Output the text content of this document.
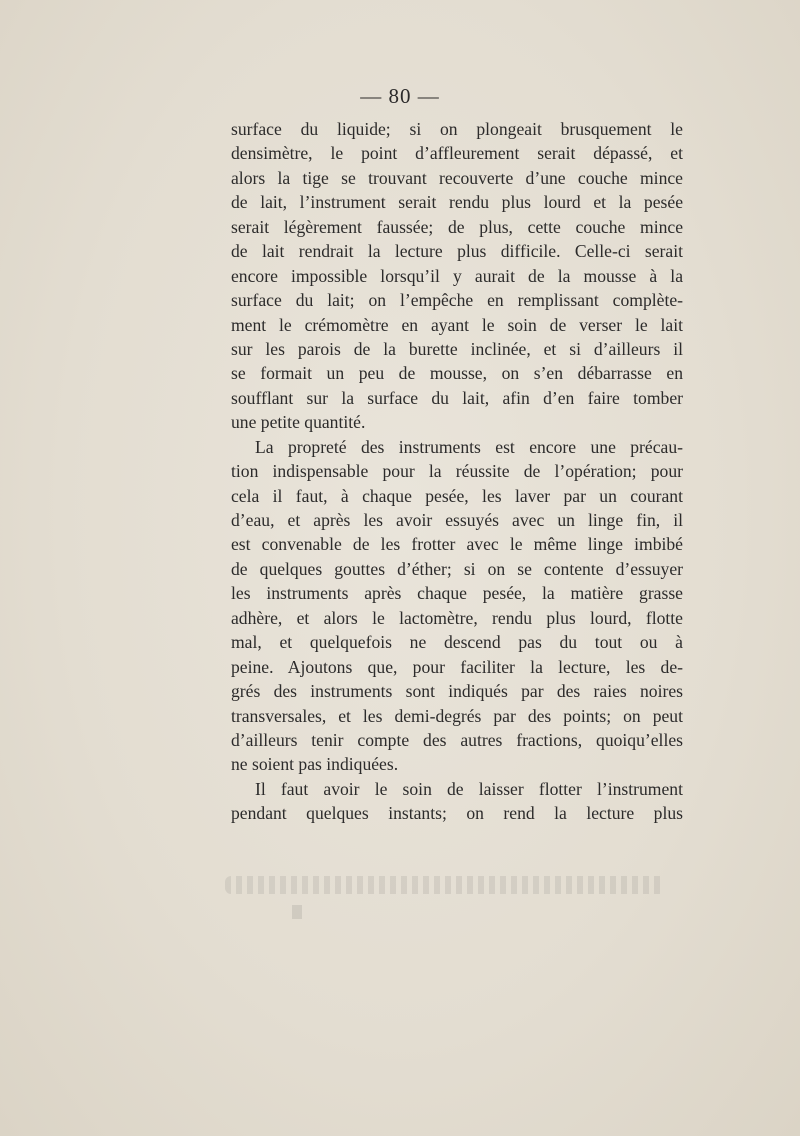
— 80 —
surface du liquide; si on plongeait brusquement le
densimètre, le point d’affleurement serait dépassé, et
alors la tige se trouvant recouverte d’une couche mince
de lait, l’instrument serait rendu plus lourd et la pesée
serait légèrement faussée; de plus, cette couche mince
de lait rendrait la lecture plus difficile. Celle-ci serait
encore impossible lorsqu’il y aurait de la mousse à la
surface du lait; on l’empêche en remplissant complète-
ment le crémomètre en ayant le soin de verser le lait
sur les parois de la burette inclinée, et si d’ailleurs il
se formait un peu de mousse, on s’en débarrasse en
soufflant sur la surface du lait, afin d’en faire tomber
une petite quantité.
La propreté des instruments est encore une précau-
tion indispensable pour la réussite de l’opération; pour
cela il faut, à chaque pesée, les laver par un courant
d’eau, et après les avoir essuyés avec un linge fin, il
est convenable de les frotter avec le même linge imbibé
de quelques gouttes d’éther; si on se contente d’essuyer
les instruments après chaque pesée, la matière grasse
adhère, et alors le lactomètre, rendu plus lourd, flotte
mal, et quelquefois ne descend pas du tout ou à
peine. Ajoutons que, pour faciliter la lecture, les de-
grés des instruments sont indiqués par des raies noires
transversales, et les demi-degrés par des points; on peut
d’ailleurs tenir compte des autres fractions, quoiqu’elles
ne soient pas indiquées.
Il faut avoir le soin de laisser flotter l’instrument
pendant quelques instants; on rend la lecture plus
